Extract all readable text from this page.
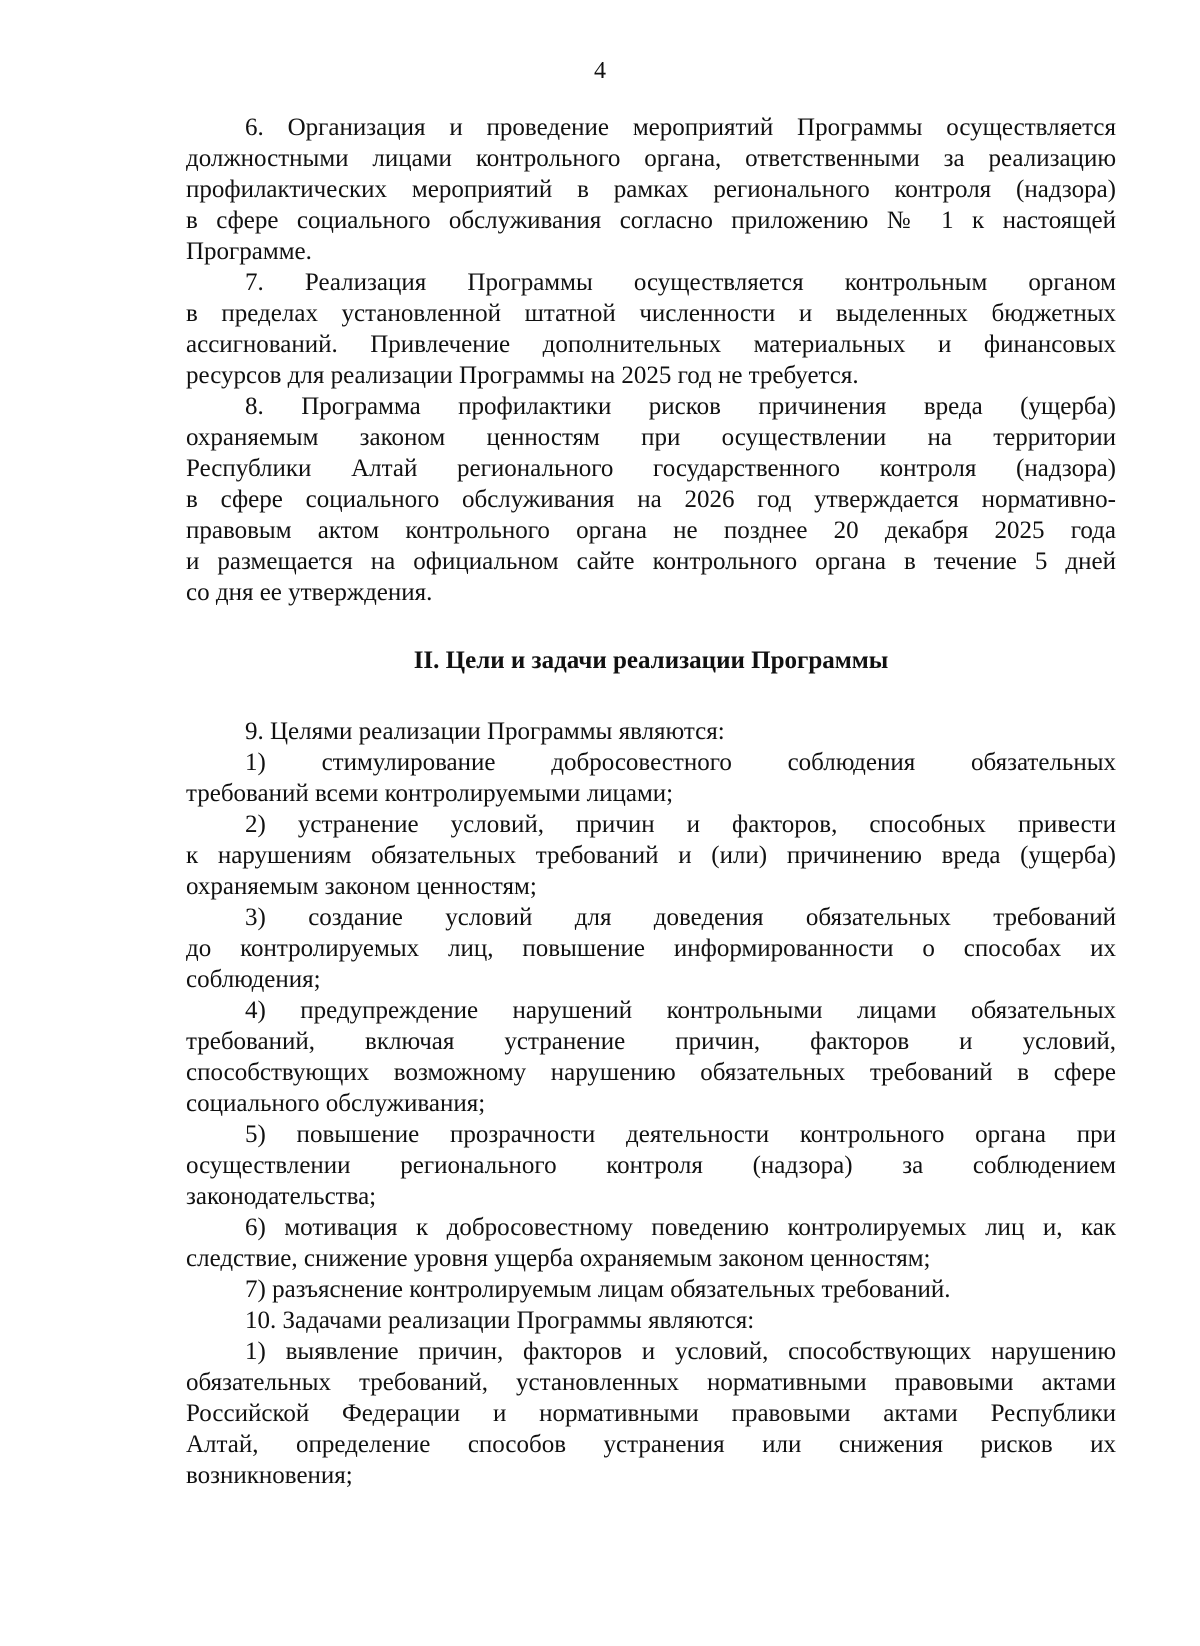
4

6. Организация и проведение мероприятий Программы осуществляется
должностными лицами контрольного органа, ответственными за реализацию
профилактических мероприятий в рамках регионального контроля (надзора)
в сфере социального обслуживания согласно приложению № 1 к настоящей
Программе.

7. Реализация Программы осуществляется контрольным органом
в пределах установленной штатной численности и выделенных бюджетных
ассигнований. Привлечение дополнительных материальных и финансовых
ресурсов для реализации Программы на 2025 год не требуется.

8. Программа профилактики рисков причинения вреда (ущерба)
охраняемым законом ценностям при осуществлении на территории
Республики Алтай регионального государственного контроля (надзора)
в сфере социального обслуживания на 2026 год утверждается нормативно-
правовым актом контрольного органа не позднее 20 декабря 2025 года
и размещается на официальном сайте контрольного органа в течение 5 дней
со дня ее утверждения.

II. Цели и задачи реализации Программы

9. Целями реализации Программы являются:

1) стимулирование добросовестного соблюдения обязательных
требований всеми контролируемыми лицами;

2) устранение условий, причин и факторов, способных привести
к нарушениям обязательных требований и (или) причинению вреда (ущерба)
охраняемым законом ценностям;

3) создание условий для доведения обязательных требований
до контролируемых лиц, повышение информированности о способах их
соблюдения;

4) предупреждение нарушений контрольными лицами обязательных
требований, включая устранение причин, факторов и условий,
способствующих возможному нарушению обязательных требований в сфере
социального обслуживания;

5) повышение прозрачности деятельности контрольного органа при
осуществлении регионального контроля (надзора) за соблюдением
законодательства;

6) мотивация к добросовестному поведению контролируемых лиц и, как
следствие, снижение уровня ущерба охраняемым законом ценностям;

7) разъяснение контролируемым лицам обязательных требований.

10. Задачами реализации Программы являются:

1) выявление причин, факторов и условий, способствующих нарушению
обязательных требований, установленных нормативными правовыми актами
Российской Федерации и нормативными правовыми актами Республики
Алтай, определение способов устранения или снижения рисков их
возникновения;
